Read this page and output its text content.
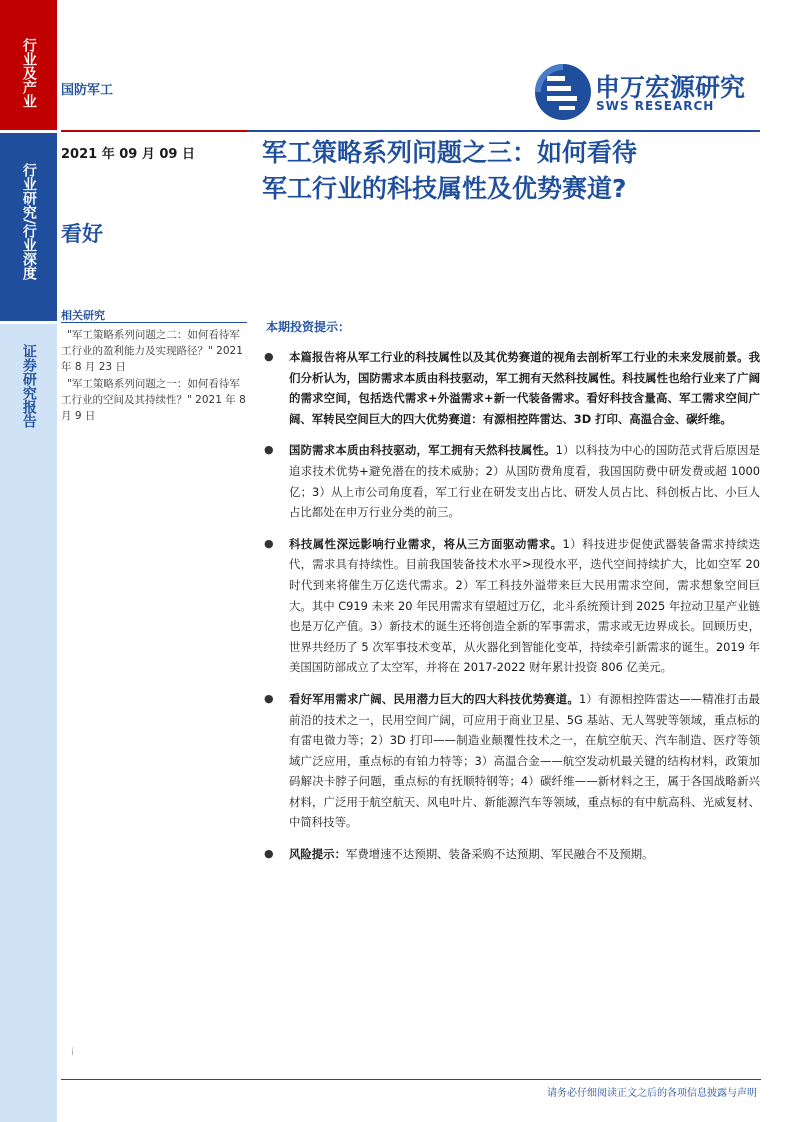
行业及产业
行业研究/行业深度
证券研究报告
国防军工	申万宏源研究
SWS RESEARCH
2021 年 09 月 09 日
看好
相关研究
"军工策略系列问题之二：如何看待军工行业的盈利能力及实现路径？" 2021 年 8 月 23 日
"军工策略系列问题之一：如何看待军工行业的空间及其持续性？" 2021 年 8 月 9 日
军工策略系列问题之三：如何看待
军工行业的科技属性及优势赛道?
本期投资提示：
● 本篇报告将从军工行业的科技属性以及其优势赛道的视角去剖析军工行业的未来发展前景。我们分析认为，国防需求本质由科技驱动，军工拥有天然科技属性。科技属性也给行业来了广阔的需求空间，包括迭代需求+外溢需求+新一代装备需求。看好科技含量高、军工需求空间广阔、军转民空间巨大的四大优势赛道：有源相控阵雷达、3D 打印、高温合金、碳纤维。
● 国防需求本质由科技驱动，军工拥有天然科技属性。1）以科技为中心的国防范式背后原因是追求技术优势+避免潜在的技术威胁；2）从国防费角度看，我国国防费中研发费或超 1000 亿；3）从上市公司角度看，军工行业在研发支出占比、研发人员占比、科创板占比、小巨人占比都处在申万行业分类的前三。
● 科技属性深远影响行业需求，将从三方面驱动需求。1）科技进步促使武器装备需求持续迭代，需求具有持续性。目前我国装备技术水平>现役水平，迭代空间持续扩大，比如空军 20 时代到来将催生万亿迭代需求。2）军工科技外溢带来巨大民用需求空间，需求想象空间巨大。其中 C919 未来 20 年民用需求有望超过万亿，北斗系统预计到 2025 年拉动卫星产业链也是万亿产值。3）新技术的诞生还将创造全新的军事需求，需求或无边界成长。回顾历史，世界共经历了 5 次军事技术变革，从火器化到智能化变革，持续牵引新需求的诞生。2019 年美国国防部成立了太空军，并将在 2017-2022 财年累计投资 806 亿美元。
● 看好军用需求广阔、民用潜力巨大的四大科技优势赛道。1）有源相控阵雷达——精准打击最前沿的技术之一，民用空间广阔，可应用于商业卫星、5G 基站、无人驾驶等领域，重点标的有雷电微力等；2）3D 打印——制造业颠覆性技术之一，在航空航天、汽车制造、医疗等领域广泛应用，重点标的有铂力特等；3）高温合金——航空发动机最关键的结构材料，政策加码解决卡脖子问题，重点标的有抚顺特钢等；4）碳纤维——新材料之王，属于各国战略新兴材料，广泛用于航空航天、风电叶片、新能源汽车等领域，重点标的有中航高科、光威复材、中简科技等。
● 风险提示：军费增速不达预期、装备采购不达预期、军民融合不及预期。
i
请务必仔细阅读正文之后的各项信息披露与声明
